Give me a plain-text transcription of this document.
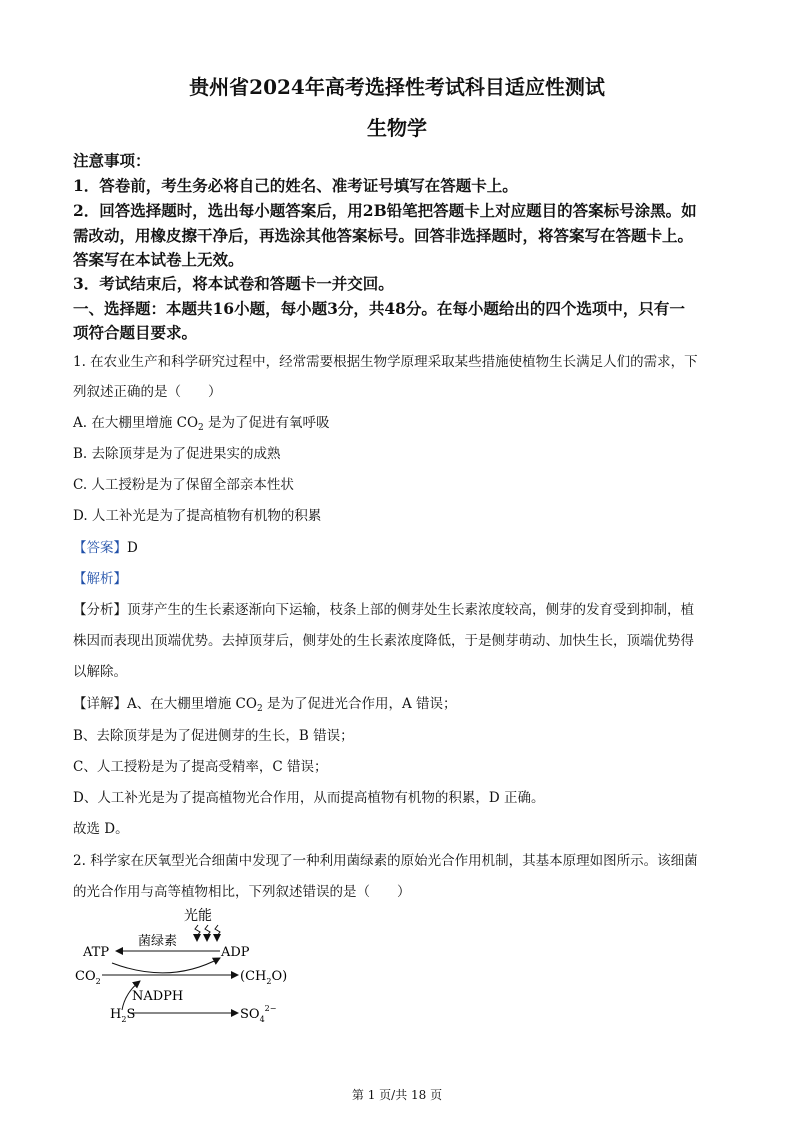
贵州省2024年高考选择性考试科目适应性测试
生物学
注意事项：
1．答卷前，考生务必将自己的姓名、准考证号填写在答题卡上。
2．回答选择题时，选出每小题答案后，用2B铅笔把答题卡上对应题目的答案标号涂黑。如
需改动，用橡皮擦干净后，再选涂其他答案标号。回答非选择题时，将答案写在答题卡上。
答案写在本试卷上无效。
3．考试结束后，将本试卷和答题卡一并交回。
一、选择题：本题共16小题，每小题3分，共48分。在每小题给出的四个选项中，只有一
项符合题目要求。
1. 在农业生产和科学研究过程中，经常需要根据生物学原理采取某些措施使植物生长满足人们的需求，下
列叙述正确的是（　　）
A. 在大棚里增施 $CO_2$ 是为了促进有氧呼吸
B. 去除顶芽是为了促进果实的成熟
C. 人工授粉是为了保留全部亲本性状
D. 人工补光是为了提高植物有机物的积累
【答案】D
【解析】
【分析】顶芽产生的生长素逐渐向下运输，枝条上部的侧芽处生长素浓度较高，侧芽的发育受到抑制，植
株因而表现出顶端优势。去掉顶芽后，侧芽处的生长素浓度降低，于是侧芽萌动、加快生长，顶端优势得
以解除。
【详解】A、在大棚里增施 $CO_2$ 是为了促进光合作用，A 错误；
B、去除顶芽是为了促进侧芽的生长，B 错误；
C、人工授粉是为了提高受精率，C 错误；
D、人工补光是为了提高植物光合作用，从而提高植物有机物的积累，D 正确。
故选 D。
2. 科学家在厌氧型光合细菌中发现了一种利用菌绿素的原始光合作用机制，其基本原理如图所示。该细菌
的光合作用与高等植物相比，下列叙述错误的是（　　）
光能
菌绿素
ATP	ADP
$CO_2$	$(CH_2O)$
NADPH
$H_2S$	$SO_4^{2-}$
第 1 页/共 18 页
